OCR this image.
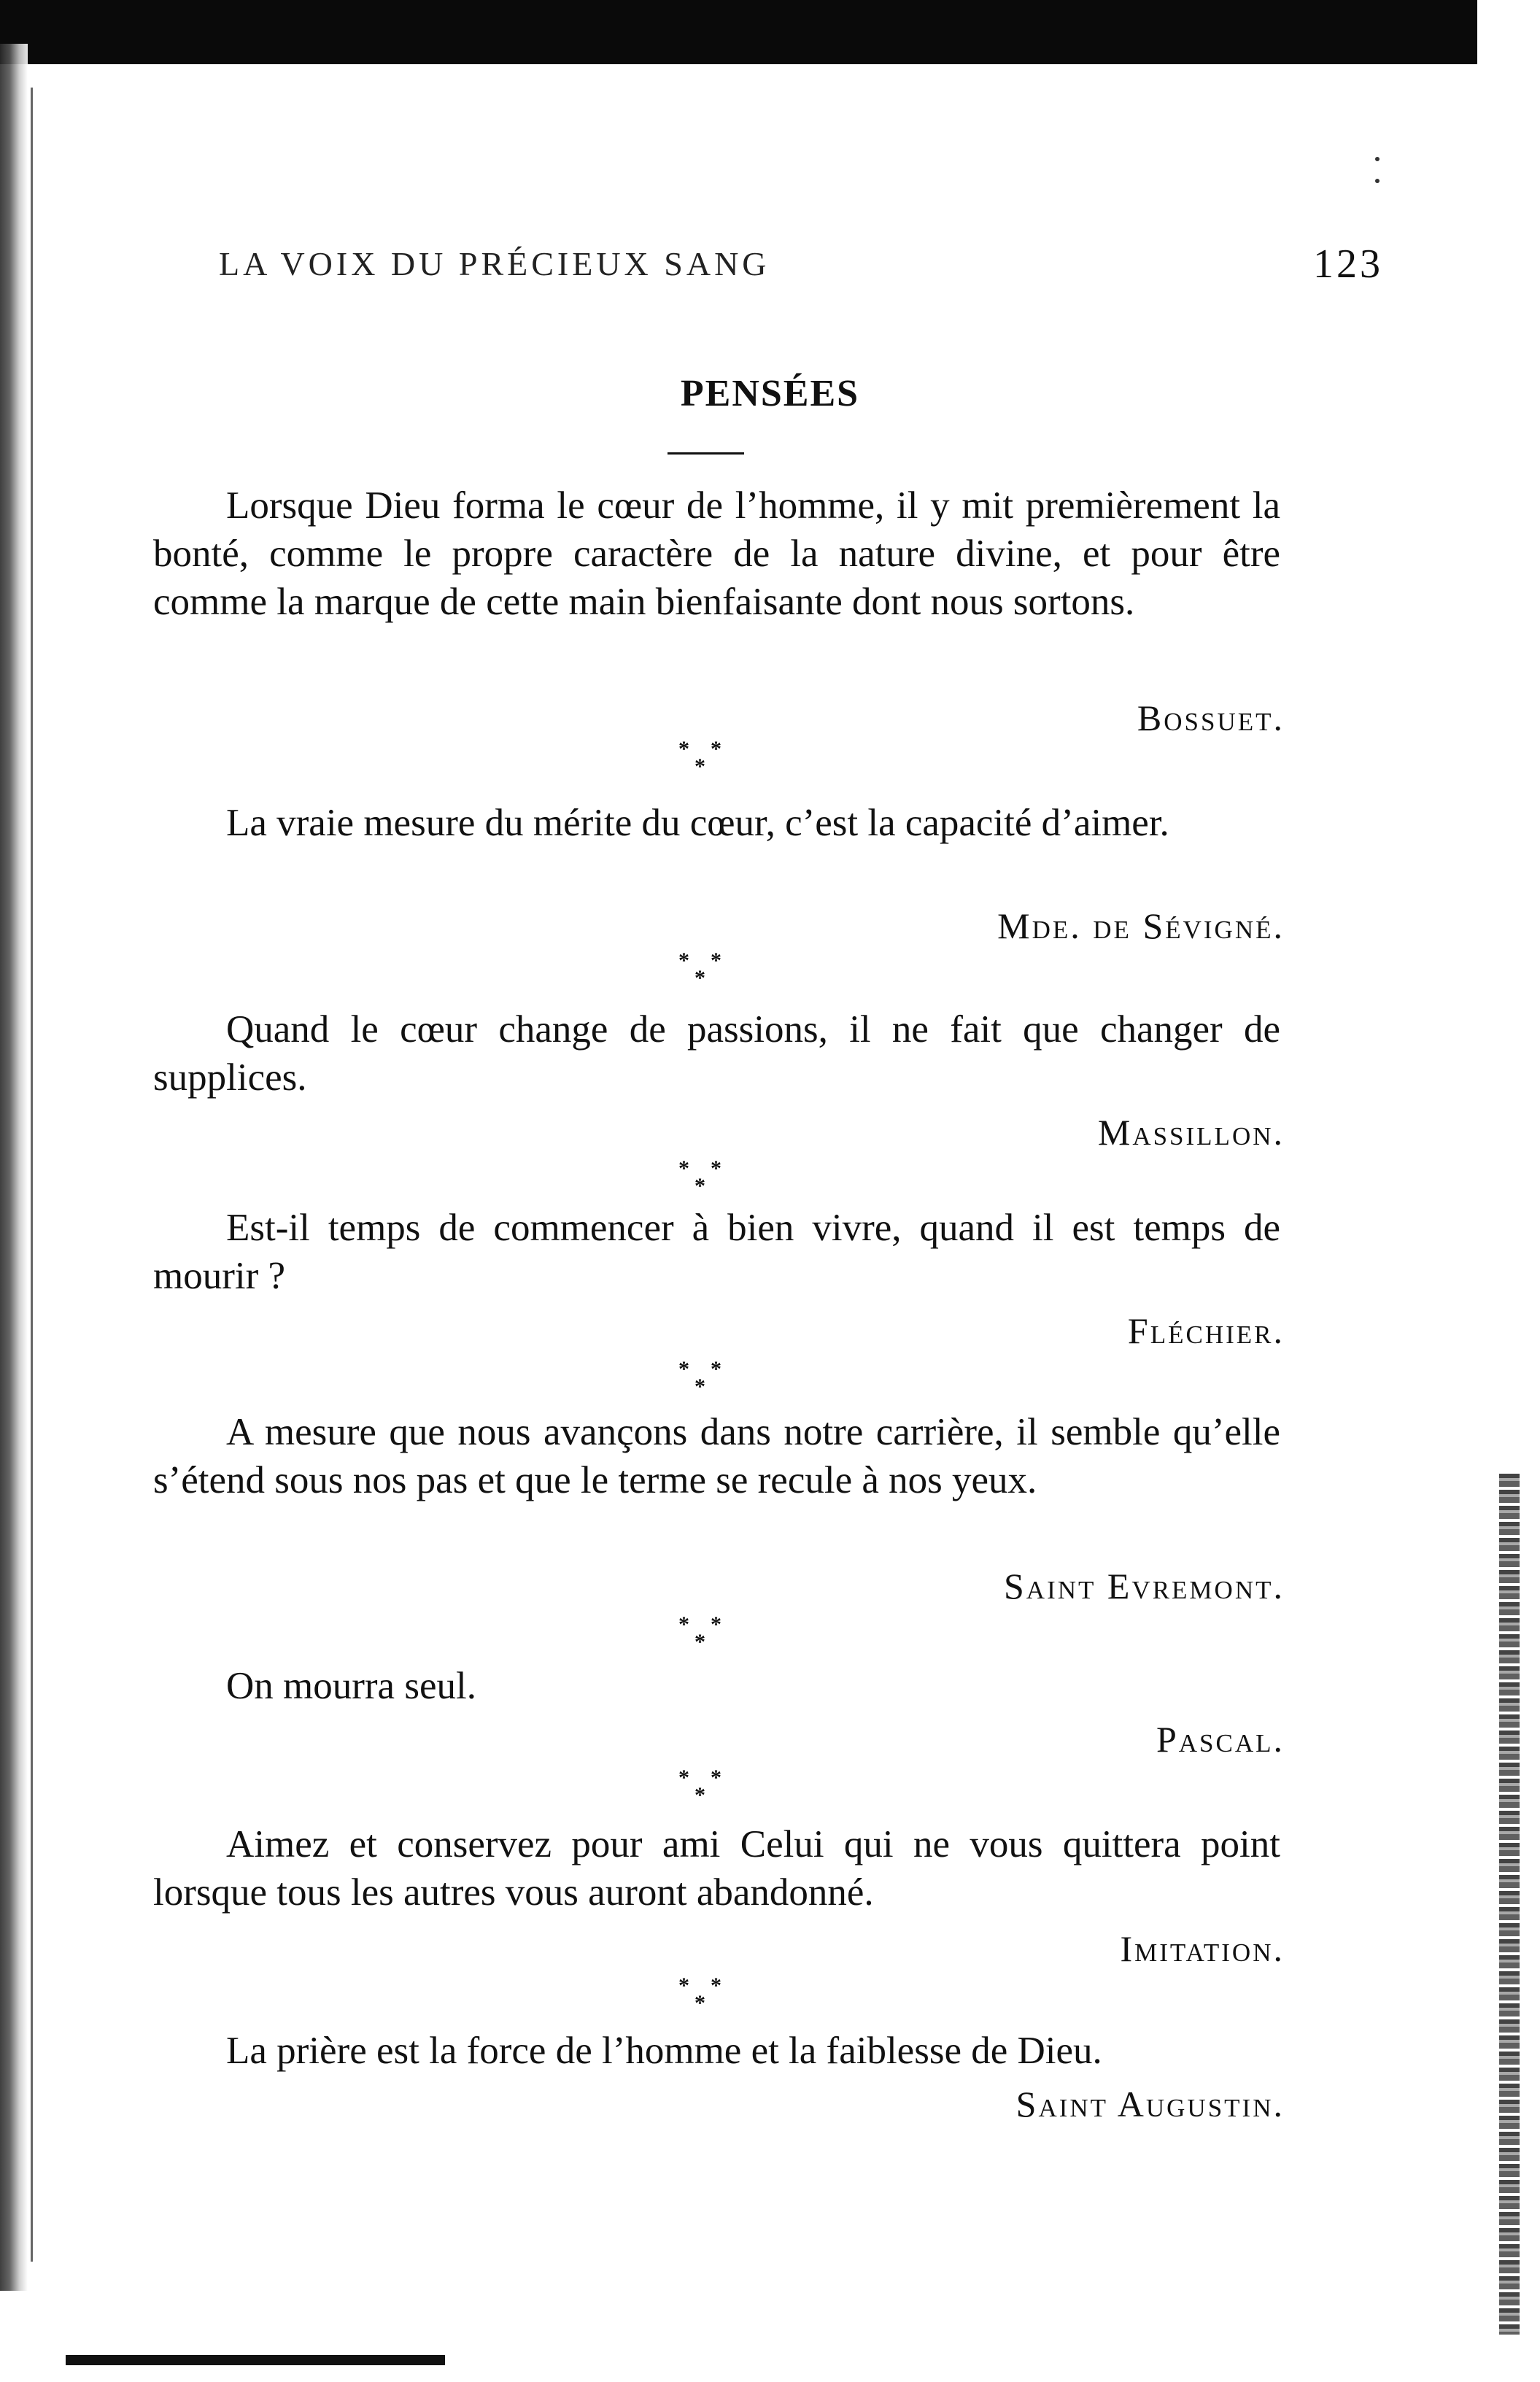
LA VOIX DU PRÉCIEUX SANG	123
PENSÉES

Lorsque Dieu forma le cœur de l’homme, il y mit premièrement la bonté, comme le propre caractère de la nature divine, et pour être comme la marque de cette main bienfaisante dont nous sortons.

Bossuet.
* *
*

La vraie mesure du mérite du cœur, c’est la capacité d’aimer.

Mde. de Sévigné.
* *
*

Quand le cœur change de passions, il ne fait que changer de supplices.

Massillon.
* *
*

Est-il temps de commencer à bien vivre, quand il est temps de mourir ?

Fléchier.
* *
*

A mesure que nous avançons dans notre carrière, il semble qu’elle s’étend sous nos pas et que le terme se recule à nos yeux.

Saint Evremont.
* *
*

On mourra seul.

Pascal.
* *
*

Aimez et conservez pour ami Celui qui ne vous quittera point lorsque tous les autres vous auront abandonné.

Imitation.
* *
*

La prière est la force de l’homme et la faiblesse de Dieu.

Saint Augustin.
